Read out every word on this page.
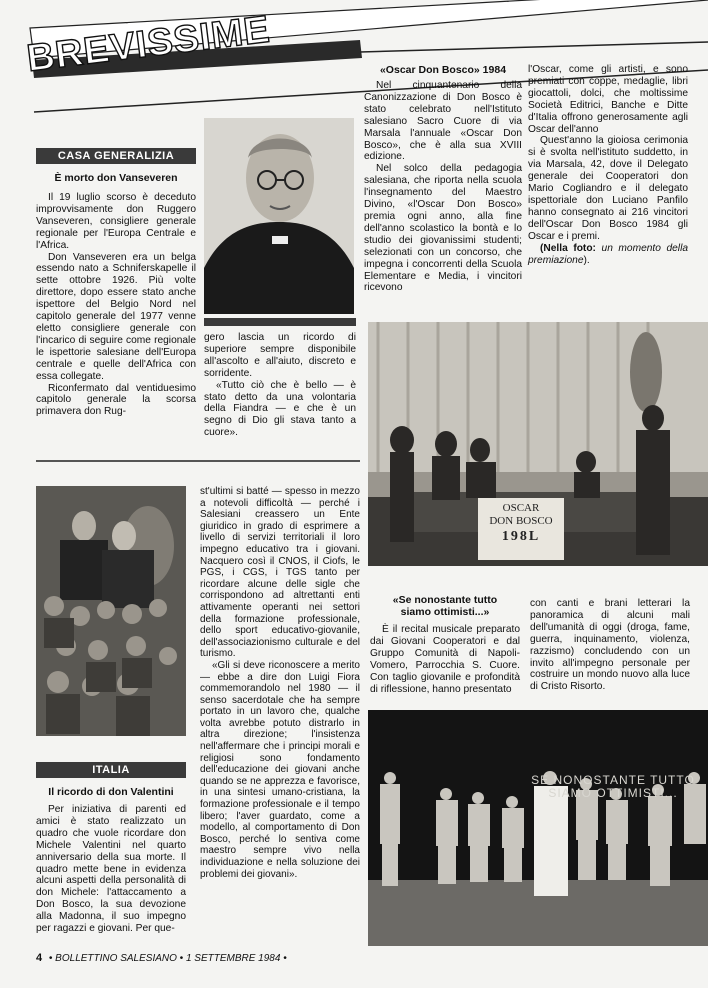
BREVISSIME
CASA GENERALIZIA
È morto don Vanseveren

Il 19 luglio scorso è deceduto improvvisamente don Ruggero Vanseveren, consigliere generale regionale per l'Europa Centrale e l'Africa.

Don Vanseveren era un belga essendo nato a Schniferskapelle il sette ottobre 1926. Più volte direttore, dopo essere stato anche ispettore del Belgio Nord nel capitolo generale del 1977 venne eletto consigliere generale con l'incarico di seguire come regionale le ispettorie salesiane dell'Europa centrale e quelle dell'Africa con essa collegate.

Riconfermato dal ventiduesimo capitolo generale la scorsa primavera don Rug-

gero lascia un ricordo di superiore sempre disponibile all'ascolto e all'aiuto, discreto e sorridente.

«Tutto ciò che è bello — è stato detto da una volontaria della Fiandra — e che è un segno di Dio gli stava tanto a cuore».

«Oscar Don Bosco» 1984

Nel cinquantenario della Canonizzazione di Don Bosco è stato celebrato nell'Istituto salesiano Sacro Cuore di via Marsala l'annuale «Oscar Don Bosco», che è alla sua XVIII edizione.

Nel solco della pedagogia salesiana, che riporta nella scuola l'insegnamento del Maestro Divino, «l'Oscar Don Bosco» premia ogni anno, alla fine dell'anno scolastico la bontà e lo studio dei giovanissimi studenti; selezionati con un concorso, che impegna i concorrenti della Scuola Elementare e Media, i vincitori ricevono

l'Oscar, come gli artisti, e sono premiati con coppe, medaglie, libri giocattoli, dolci, che moltissime Società Editrici, Banche e Ditte d'Italia offrono generosamente agli Oscar dell'anno

Quest'anno la gioiosa cerimonia si è svolta nell'istituto suddetto, in via Marsala, 42, dove il Delegato generale dei Cooperatori don Mario Cogliandro e il delegato ispettoriale don Luciano Panfilo hanno consegnato ai 216 vincitori dell'Oscar Don Bosco 1984 gli Oscar e i premi.

(Nella foto: un momento della premiazione).

OSCAR
DON BOSCO
198L
ITALIA
Il ricordo di don Valentini

Per iniziativa di parenti ed amici è stato realizzato un quadro che vuole ricordare don Michele Valentini nel quarto anniversario della sua morte. Il quadro mette bene in evidenza alcuni aspetti della personalità di don Michele: l'attaccamento a Don Bosco, la sua devozione alla Madonna, il suo impegno per ragazzi e giovani. Per que-

st'ultimi si batté — spesso in mezzo a notevoli difficoltà — perché i Salesiani creassero un Ente giuridico in grado di esprimere a livello di servizi territoriali il loro impegno educativo tra i giovani. Nacquero così il CNOS, il Ciofs, le PGS, i CGS, i TGS tanto per ricordare alcune delle sigle che corrispondono ad altrettanti enti attivamente operanti nei settori della formazione professionale, dello sport educativo-giovanile, dell'associazionismo culturale e del turismo.

«Gli si deve riconoscere a merito — ebbe a dire don Luigi Fiora commemorandolo nel 1980 — il senso sacerdotale che ha sempre portato in un lavoro che, qualche volta avrebbe potuto distrarlo in altra direzione; l'insistenza nell'affermare che i principi morali e religiosi sono fondamento dell'educazione dei giovani anche quando se ne apprezza e favorisce, in una sintesi umano-cristiana, la formazione professionale e il tempo libero; l'aver guardato, come a modello, al comportamento di Don Bosco, perché lo sentiva come maestro sempre vivo nella individuazione e nella soluzione dei problemi dei giovani».

«Se nonostante tutto
siamo ottimisti...»

È il recital musicale preparato dai Giovani Cooperatori e dal Gruppo Comunità di Napoli-Vomero, Parrocchia S. Cuore. Con taglio giovanile e profondità di riflessione, hanno presentato

con canti e brani letterari la panoramica di alcuni mali dell'umanità di oggi (droga, fame, guerra, inquinamento, violenza, razzismo) concludendo con un invito all'impegno personale per costruire un mondo nuovo alla luce di Cristo Risorto.

SE NONOSTANTE TUTTO
SIAMO OTTIMISTI...
4 • BOLLETTINO SALESIANO • 1 SETTEMBRE 1984 •
